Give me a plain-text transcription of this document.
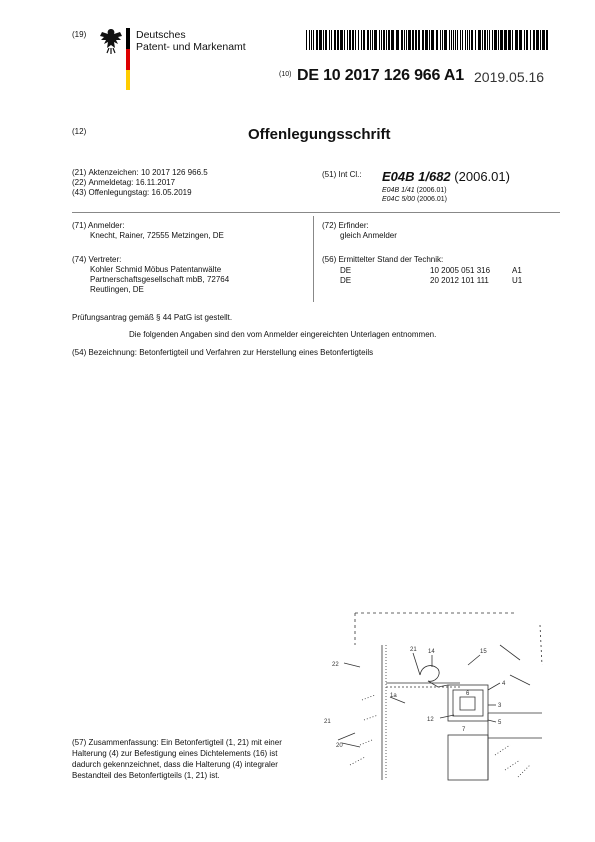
(19)	Deutsches
Patent- und Markenamt
(10) DE 10 2017 126 966 A1 2019.05.16
(12)	Offenlegungsschrift
(21)
Aktenzeichen:
10 2017 126 966.5
(22)
Anmeldetag:
16.11.2017
(43)
Offenlegungstag:
16.05.2019
(51) Int Cl.: E04B 1/682 (2006.01)
E04B 1/41 (2006.01)
E04C 5/00 (2006.01)
(71) Anmelder:
Knecht, Rainer, 72555 Metzingen, DE
(72) Erfinder:
gleich Anmelder
(74) Vertreter:
Kohler Schmid Möbus Patentanwälte
Partnerschaftsgesellschaft mbB, 72764
Reutlingen, DE
(56) Ermittelter Stand der Technik:
DE	10 2005 051 316	A1
DE	20 2012 101 111	U1
Prüfungsantrag gemäß § 44 PatG ist gestellt.
Die folgenden Angaben sind den vom Anmelder eingereichten Unterlagen entnommen.
(54) Bezeichnung: Betonfertigteil und Verfahren zur Herstellung eines Betonfertigteils
(57) Zusammenfassung: Ein Betonfertigteil (1, 21) mit einer
Halterung (4) zur Befestigung eines Dichtelements (16) ist
dadurch gekennzeichnet, dass die Halterung (4) integraler
Bestandteil des Betonfertigteils (1, 21) ist.
22
21 14	15
1a
4
6
12
7
3
5
21
20
